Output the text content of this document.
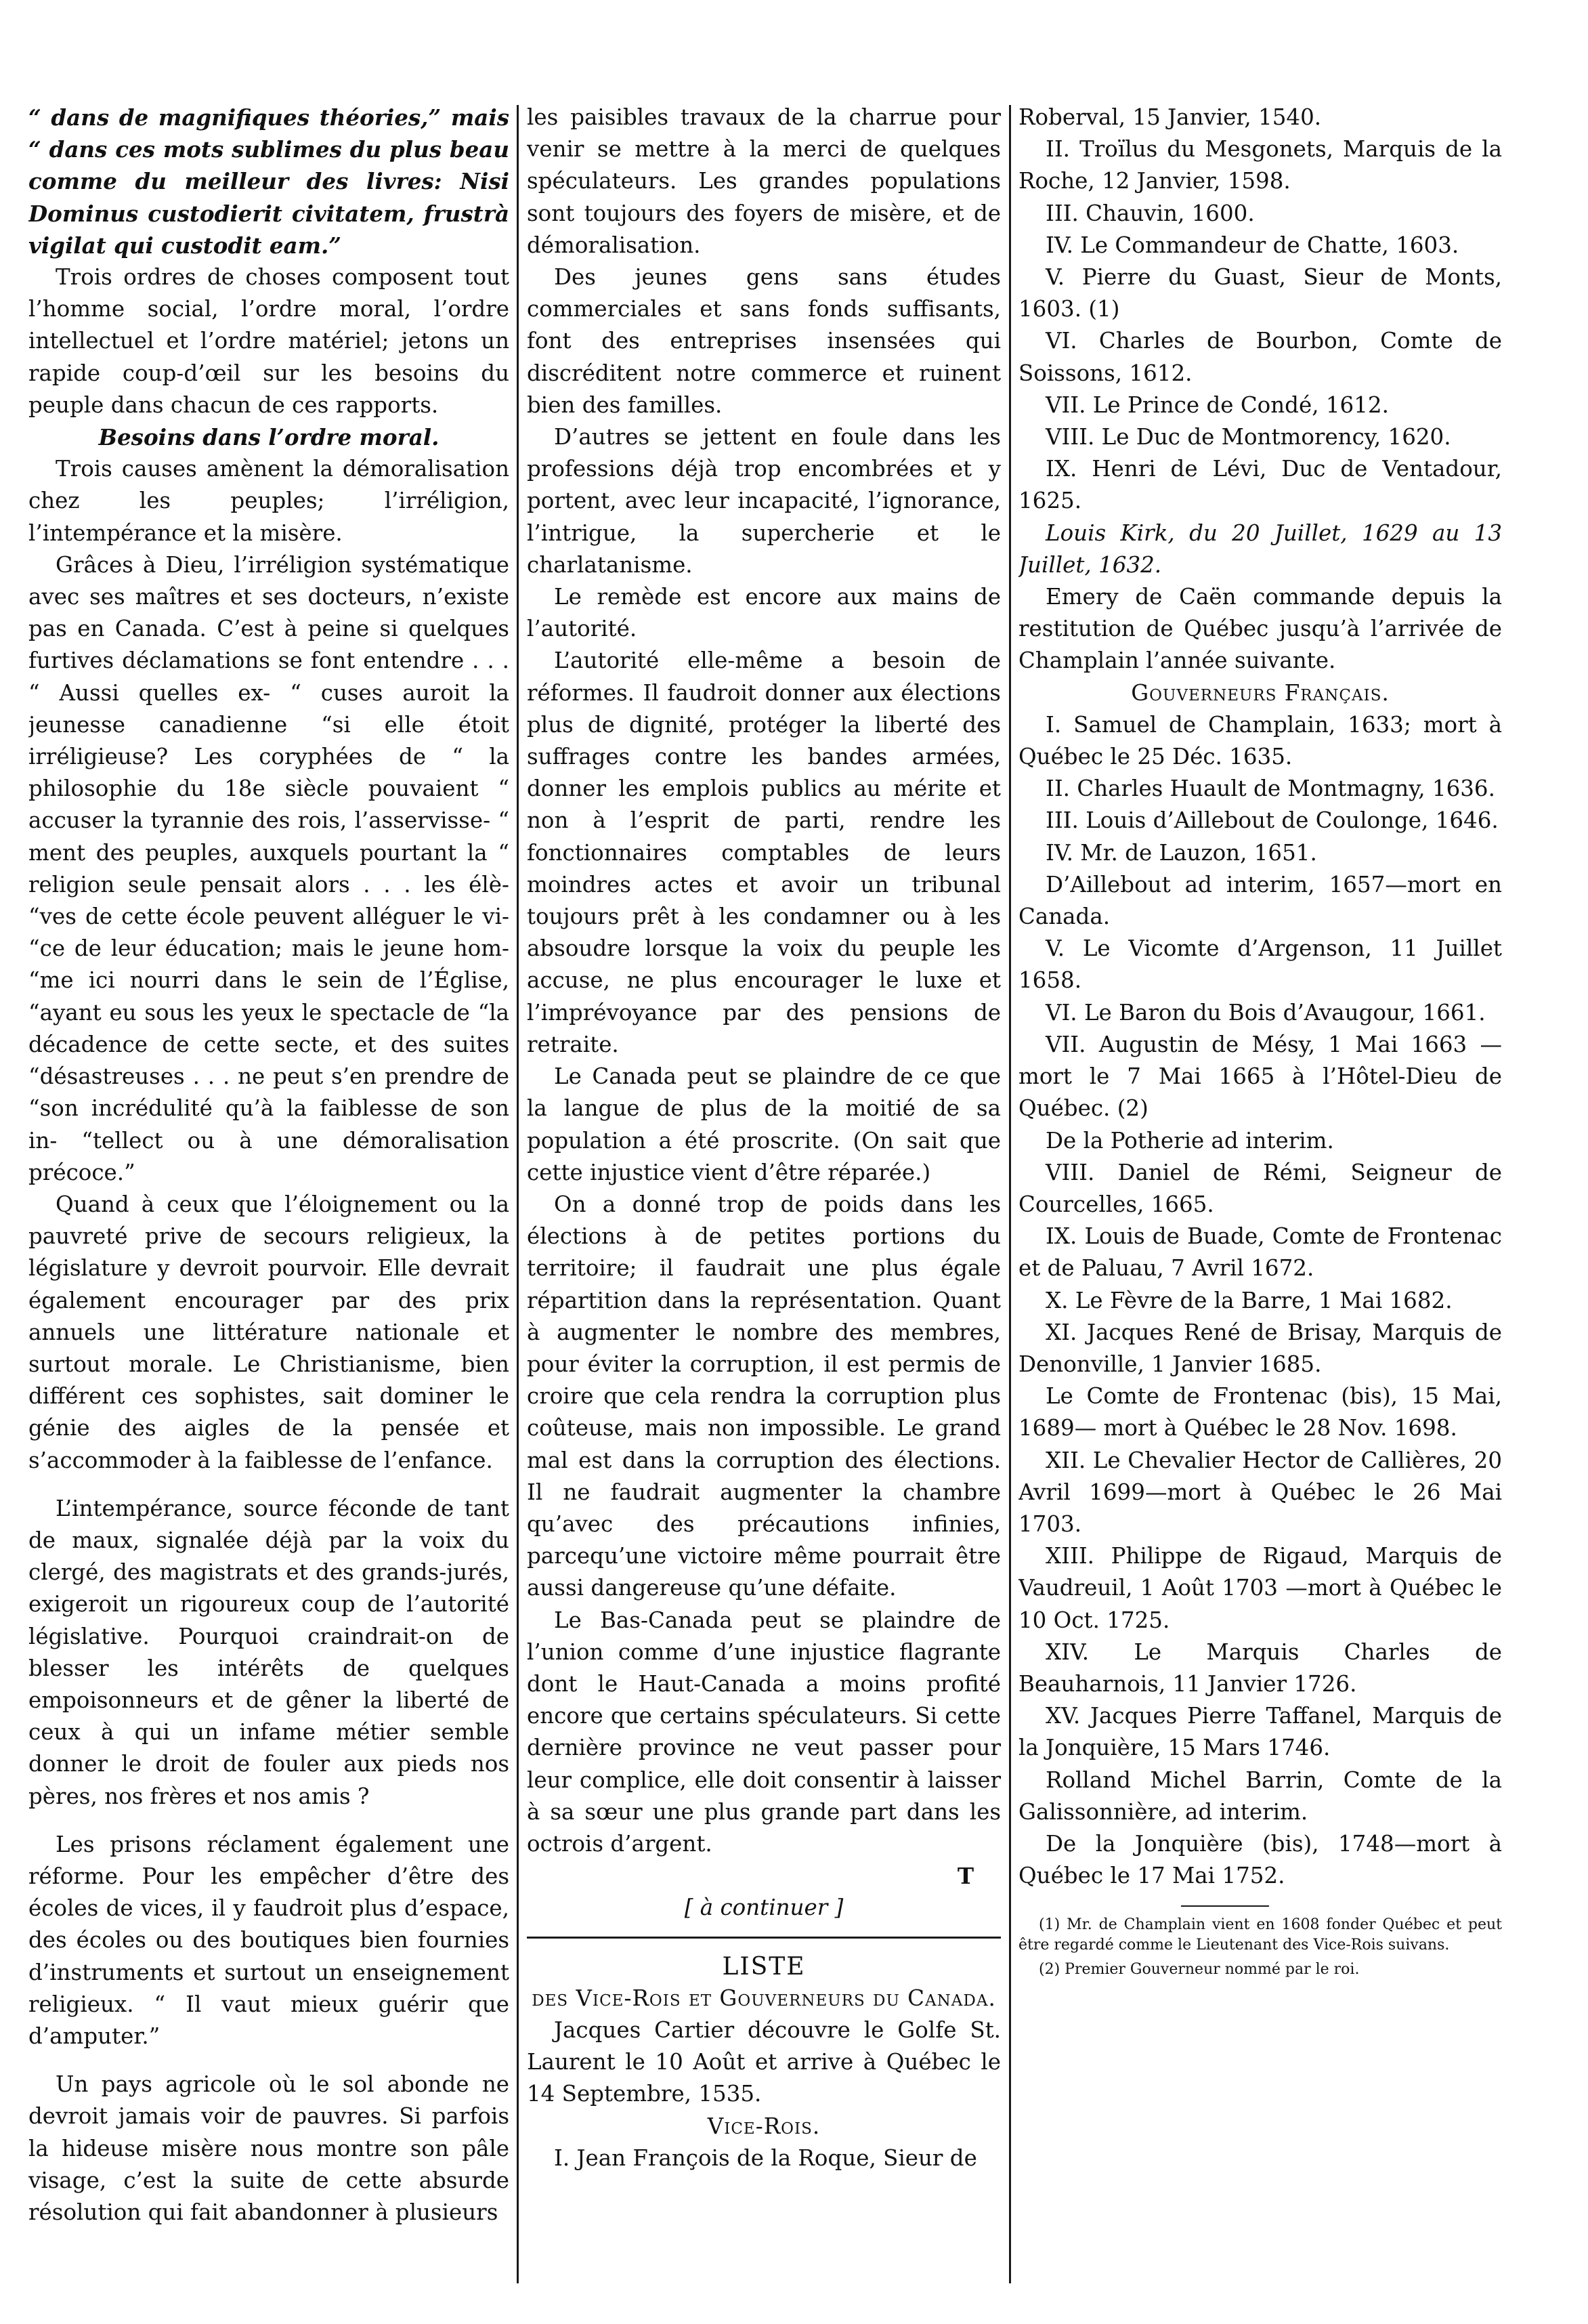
“ dans de magnifiques théories,” mais “ dans ces mots sublimes du plus beau comme du meilleur des livres: Nisi Dominus custodierit civitatem, frustrà vigilat qui custodit eam.”

Trois ordres de choses composent tout l’homme social, l’ordre moral, l’ordre intellectuel et l’ordre matériel; jetons un rapide coup-d’œil sur les besoins du peuple dans chacun de ces rapports.

Besoins dans l’ordre moral.

Trois causes amènent la démoralisation chez les peuples; l’irréligion, l’intempérance et la misère.

Grâces à Dieu, l’irréligion systématique avec ses maîtres et ses docteurs, n’existe pas en Canada. C’est à peine si quelques furtives déclamations se font entendre . . . “ Aussi quelles ex- “ cuses auroit la jeunesse canadienne “si elle étoit irréligieuse? Les coryphées de “ la philosophie du 18e siècle pouvaient “ accuser la tyrannie des rois, l’asservisse- “ ment des peuples, auxquels pourtant la “ religion seule pensait alors . . . les élè- “ves de cette école peuvent alléguer le vi- “ce de leur éducation; mais le jeune hom- “me ici nourri dans le sein de l’Église, “ayant eu sous les yeux le spectacle de “la décadence de cette secte, et des suites “désastreuses . . . ne peut s’en prendre de “son incrédulité qu’à la faiblesse de son in- “tellect ou à une démoralisation précoce.”

Quand à ceux que l’éloignement ou la pauvreté prive de secours religieux, la législature y devroit pourvoir. Elle devrait également encourager par des prix annuels une littérature nationale et surtout morale. Le Christianisme, bien différent ces sophistes, sait dominer le génie des aigles de la pensée et s’accommoder à la faiblesse de l’enfance.

L’intempérance, source féconde de tant de maux, signalée déjà par la voix du clergé, des magistrats et des grands-jurés, exigeroit un rigoureux coup de l’autorité législative. Pourquoi craindrait-on de blesser les intérêts de quelques empoisonneurs et de gêner la liberté de ceux à qui un infame métier semble donner le droit de fouler aux pieds nos pères, nos frères et nos amis ?

Les prisons réclament également une réforme. Pour les empêcher d’être des écoles de vices, il y faudroit plus d’espace, des écoles ou des boutiques bien fournies d’instruments et surtout un enseignement religieux. “ Il vaut mieux guérir que d’amputer.”

Un pays agricole où le sol abonde ne devroit jamais voir de pauvres. Si parfois la hideuse misère nous montre son pâle visage, c’est la suite de cette absurde résolution qui fait abandonner à plusieurs

les paisibles travaux de la charrue pour venir se mettre à la merci de quelques spéculateurs. Les grandes populations sont toujours des foyers de misère, et de démoralisation.

Des jeunes gens sans études commerciales et sans fonds suffisants, font des entreprises insensées qui discréditent notre commerce et ruinent bien des familles.

D’autres se jettent en foule dans les professions déjà trop encombrées et y portent, avec leur incapacité, l’ignorance, l’intrigue, la supercherie et le charlatanisme.

Le remède est encore aux mains de l’autorité.

L’autorité elle-même a besoin de réformes. Il faudroit donner aux élections plus de dignité, protéger la liberté des suffrages contre les bandes armées, donner les emplois publics au mérite et non à l’esprit de parti, rendre les fonctionnaires comptables de leurs moindres actes et avoir un tribunal toujours prêt à les condamner ou à les absoudre lorsque la voix du peuple les accuse, ne plus encourager le luxe et l’imprévoyance par des pensions de retraite.

Le Canada peut se plaindre de ce que la langue de plus de la moitié de sa population a été proscrite. (On sait que cette injustice vient d’être réparée.)

On a donné trop de poids dans les élections à de petites portions du territoire; il faudrait une plus égale répartition dans la représentation. Quant à augmenter le nombre des membres, pour éviter la corruption, il est permis de croire que cela rendra la corruption plus coûteuse, mais non impossible. Le grand mal est dans la corruption des élections. Il ne faudrait augmenter la chambre qu’avec des précautions infinies, parcequ’une victoire même pourrait être aussi dangereuse qu’une défaite.

Le Bas-Canada peut se plaindre de l’union comme d’une injustice flagrante dont le Haut-Canada a moins profité encore que certains spéculateurs. Si cette dernière province ne veut passer pour leur complice, elle doit consentir à laisser à sa sœur une plus grande part dans les octrois d’argent.

T

[ à continuer ]

LISTE

des Vice-Rois et Gouverneurs du Canada.

Jacques Cartier découvre le Golfe St. Laurent le 10 Août et arrive à Québec le 14 Septembre, 1535.

Vice-Rois.

I. Jean François de la Roque, Sieur de

Roberval, 15 Janvier, 1540.

II. Troïlus du Mesgonets, Marquis de la Roche, 12 Janvier, 1598.

III. Chauvin, 1600.

IV. Le Commandeur de Chatte, 1603.

V. Pierre du Guast, Sieur de Monts, 1603. (1)

VI. Charles de Bourbon, Comte de Soissons, 1612.

VII. Le Prince de Condé, 1612.

VIII. Le Duc de Montmorency, 1620.

IX. Henri de Lévi, Duc de Ventadour, 1625.

Louis Kirk, du 20 Juillet, 1629 au 13 Juillet, 1632.

Emery de Caën commande depuis la restitution de Québec jusqu’à l’arrivée de Champlain l’année suivante.

Gouverneurs Français.

I. Samuel de Champlain, 1633; mort à Québec le 25 Déc. 1635.

II. Charles Huault de Montmagny, 1636.

III. Louis d’Aillebout de Coulonge, 1646.

IV. Mr. de Lauzon, 1651.

D’Aillebout ad interim, 1657—mort en Canada.

V. Le Vicomte d’Argenson, 11 Juillet 1658.

VI. Le Baron du Bois d’Avaugour, 1661.

VII. Augustin de Mésy, 1 Mai 1663 —mort le 7 Mai 1665 à l’Hôtel-Dieu de Québec. (2)

De la Potherie ad interim.

VIII. Daniel de Rémi, Seigneur de Courcelles, 1665.

IX. Louis de Buade, Comte de Frontenac et de Paluau, 7 Avril 1672.

X. Le Fèvre de la Barre, 1 Mai 1682.

XI. Jacques René de Brisay, Marquis de Denonville, 1 Janvier 1685.

Le Comte de Frontenac (bis), 15 Mai, 1689— mort à Québec le 28 Nov. 1698.

XII. Le Chevalier Hector de Callières, 20 Avril 1699—mort à Québec le 26 Mai 1703.

XIII. Philippe de Rigaud, Marquis de Vaudreuil, 1 Août 1703 —mort à Québec le 10 Oct. 1725.

XIV. Le Marquis Charles de Beauharnois, 11 Janvier 1726.

XV. Jacques Pierre Taffanel, Marquis de la Jonquière, 15 Mars 1746.

Rolland Michel Barrin, Comte de la Galissonnière, ad interim.

De la Jonquière (bis), 1748—mort à Québec le 17 Mai 1752.

(1) Mr. de Champlain vient en 1608 fonder Québec et peut être regardé comme le Lieutenant des Vice-Rois suivans.

(2) Premier Gouverneur nommé par le roi.
